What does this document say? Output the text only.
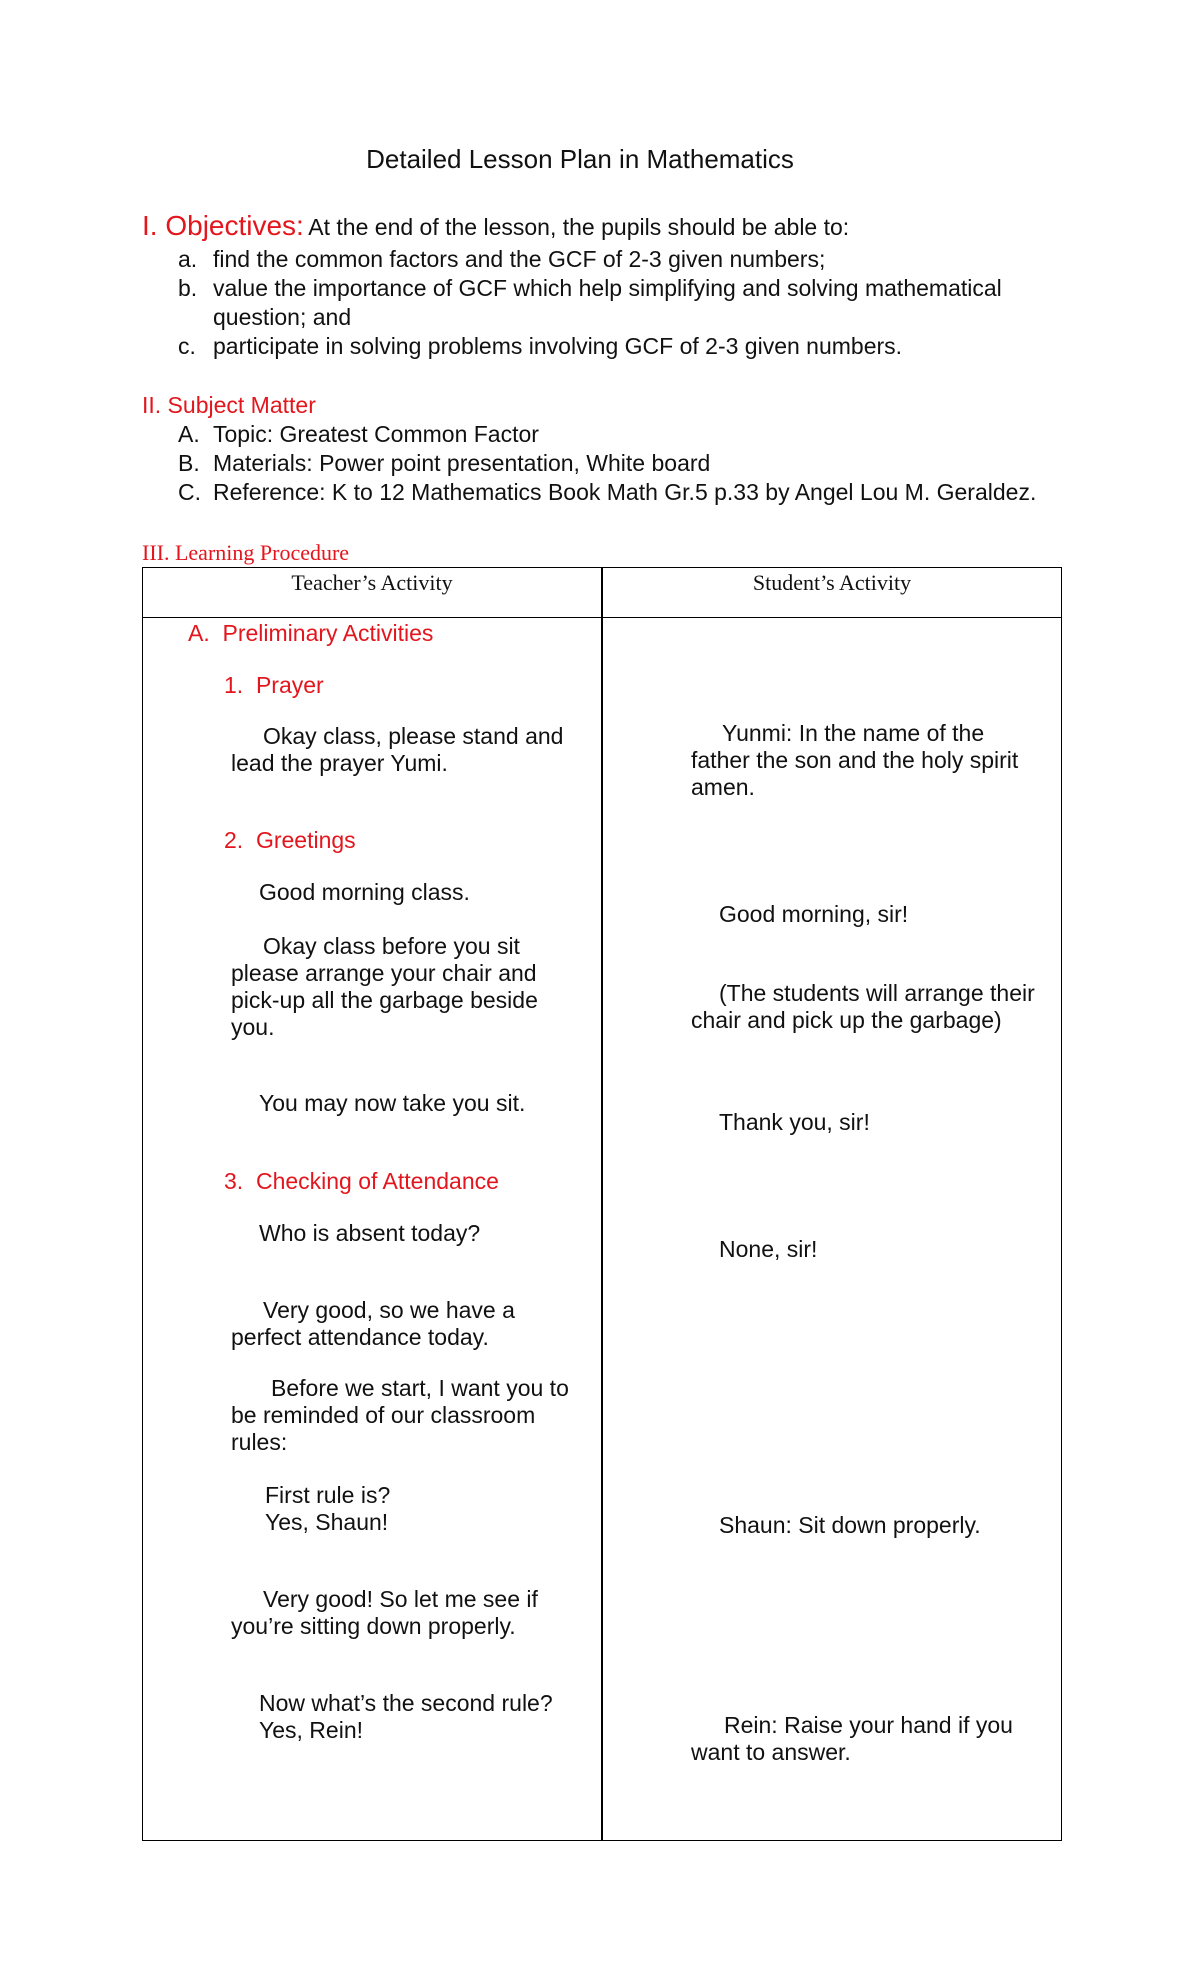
Detailed Lesson Plan in Mathematics
I. Objectives: At the end of the lesson, the pupils should be able to:
a. find the common factors and the GCF of 2-3 given numbers;
b. value the importance of GCF which help simplifying and solving mathematical
question; and
c. participate in solving problems involving GCF of 2-3 given numbers.
II. Subject Matter
A. Topic: Greatest Common Factor
B. Materials: Power point presentation, White board
C. Reference: K to 12 Mathematics Book Math Gr.5 p.33 by Angel Lou M. Geraldez.
III. Learning Procedure
Teacher’s Activity	Student’s Activity
A.  Preliminary Activities
1.  Prayer
Okay class, please stand and
lead the prayer Yumi.
2.  Greetings
Good morning class.
Okay class before you sit
please arrange your chair and
pick-up all the garbage beside
you.
You may now take you sit.
3.  Checking of Attendance
Who is absent today?
Very good, so we have a
perfect attendance today.
Before we start, I want you to
be reminded of our classroom
rules:
First rule is?
Yes, Shaun!
Very good! So let me see if
you’re sitting down properly.
Now what’s the second rule?
Yes, Rein!
Yunmi: In the name of the
father the son and the holy spirit
amen.
Good morning, sir!
(The students will arrange their
chair and pick up the garbage)
Thank you, sir!
None, sir!
Shaun: Sit down properly.
Rein: Raise your hand if you
want to answer.
